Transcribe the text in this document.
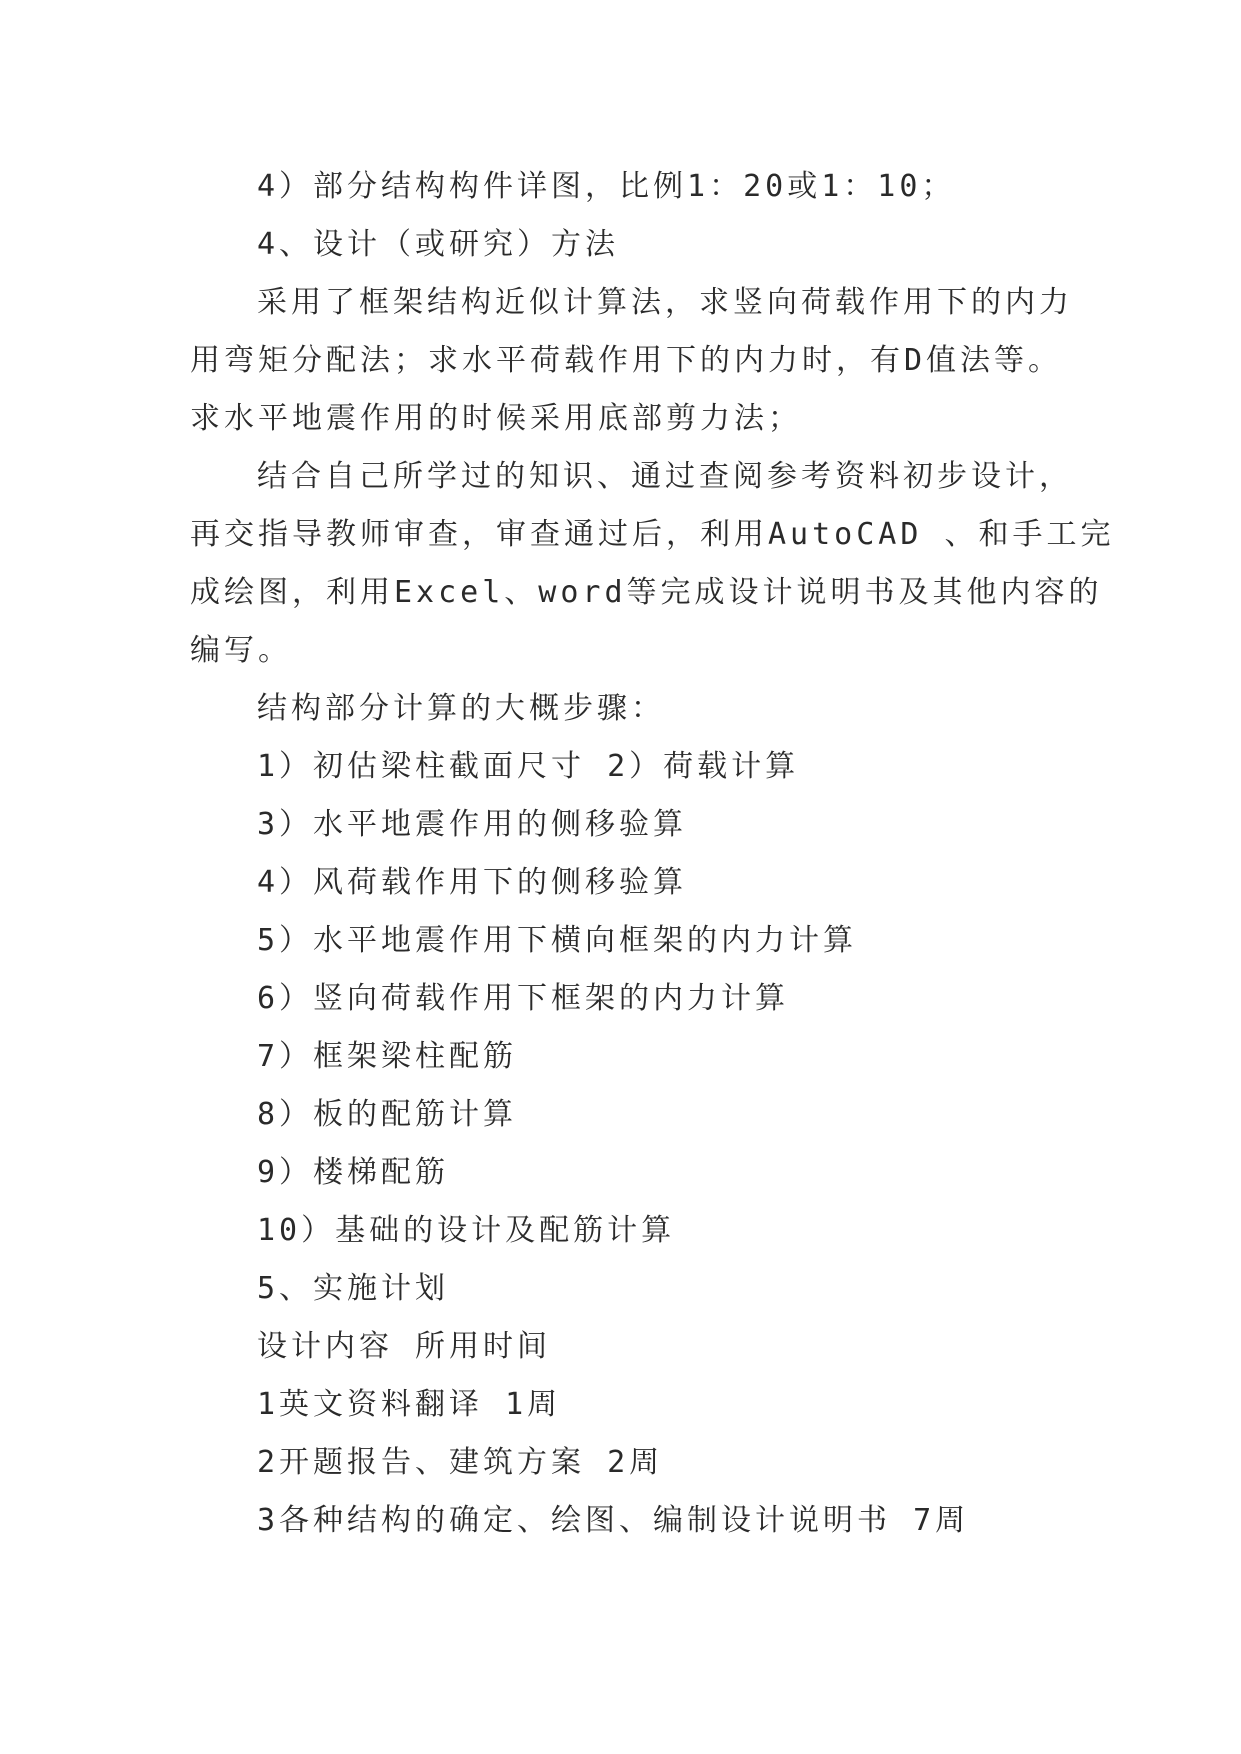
4）部分结构构件详图，比例1：20或1：10；
4、设计（或研究）方法
采用了框架结构近似计算法，求竖向荷载作用下的内力
用弯矩分配法；求水平荷载作用下的内力时，有D值法等。
求水平地震作用的时候采用底部剪力法；
结合自己所学过的知识、通过查阅参考资料初步设计，
再交指导教师审查，审查通过后，利用AutoCAD 、和手工完
成绘图，利用Excel、word等完成设计说明书及其他内容的
编写。
结构部分计算的大概步骤：
1）初估梁柱截面尺寸 2）荷载计算
3）水平地震作用的侧移验算
4）风荷载作用下的侧移验算
5）水平地震作用下横向框架的内力计算
6）竖向荷载作用下框架的内力计算
7）框架梁柱配筋
8）板的配筋计算
9）楼梯配筋
10）基础的设计及配筋计算
5、实施计划
设计内容 所用时间
1英文资料翻译 1周
2开题报告、建筑方案 2周
3各种结构的确定、绘图、编制设计说明书 7周
